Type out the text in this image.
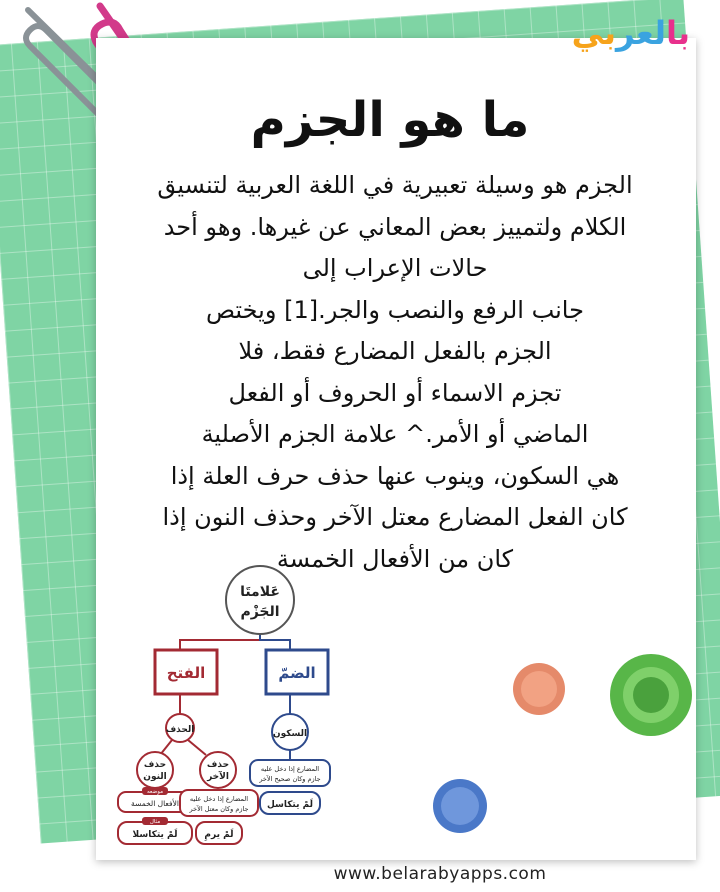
بالعربي
ما هو الجزم
الجزم هو وسيلة تعبيرية في اللغة العربية لتنسيق
الكلام ولتمييز بعض المعاني عن غيرها. وهو أحد
حالات الإعراب إلى
جانب الرفع والنصب والجر.[1] ويختص
الجزم بالفعل المضارع فقط، فلا
تجزم الاسماء أو الحروف أو الفعل
الماضي أو الأمر.^ علامة الجزم الأصلية
هي السكون، وينوب عنها حذف حرف العلة إذا
كان الفعل المضارع معتل الآخر وحذف النون إذا
كان من الأفعال الخمسة
عَلامتَا
الجَزْم
الفتح	الضمّ
الحذف	السكون
حذف
النون
حذف
الآخر
الأفعال الخمسة
لَمْ يتكاسلا
المضارع إذا دخل عليه
جازم وكان معتل الآخر
لَمْ يرمِ
المضارع إذا دخل عليه
جازم وكان صحيح الآخر
لَمْ يتكاسل
موضعه
مثال
www.belarabyapps.com
